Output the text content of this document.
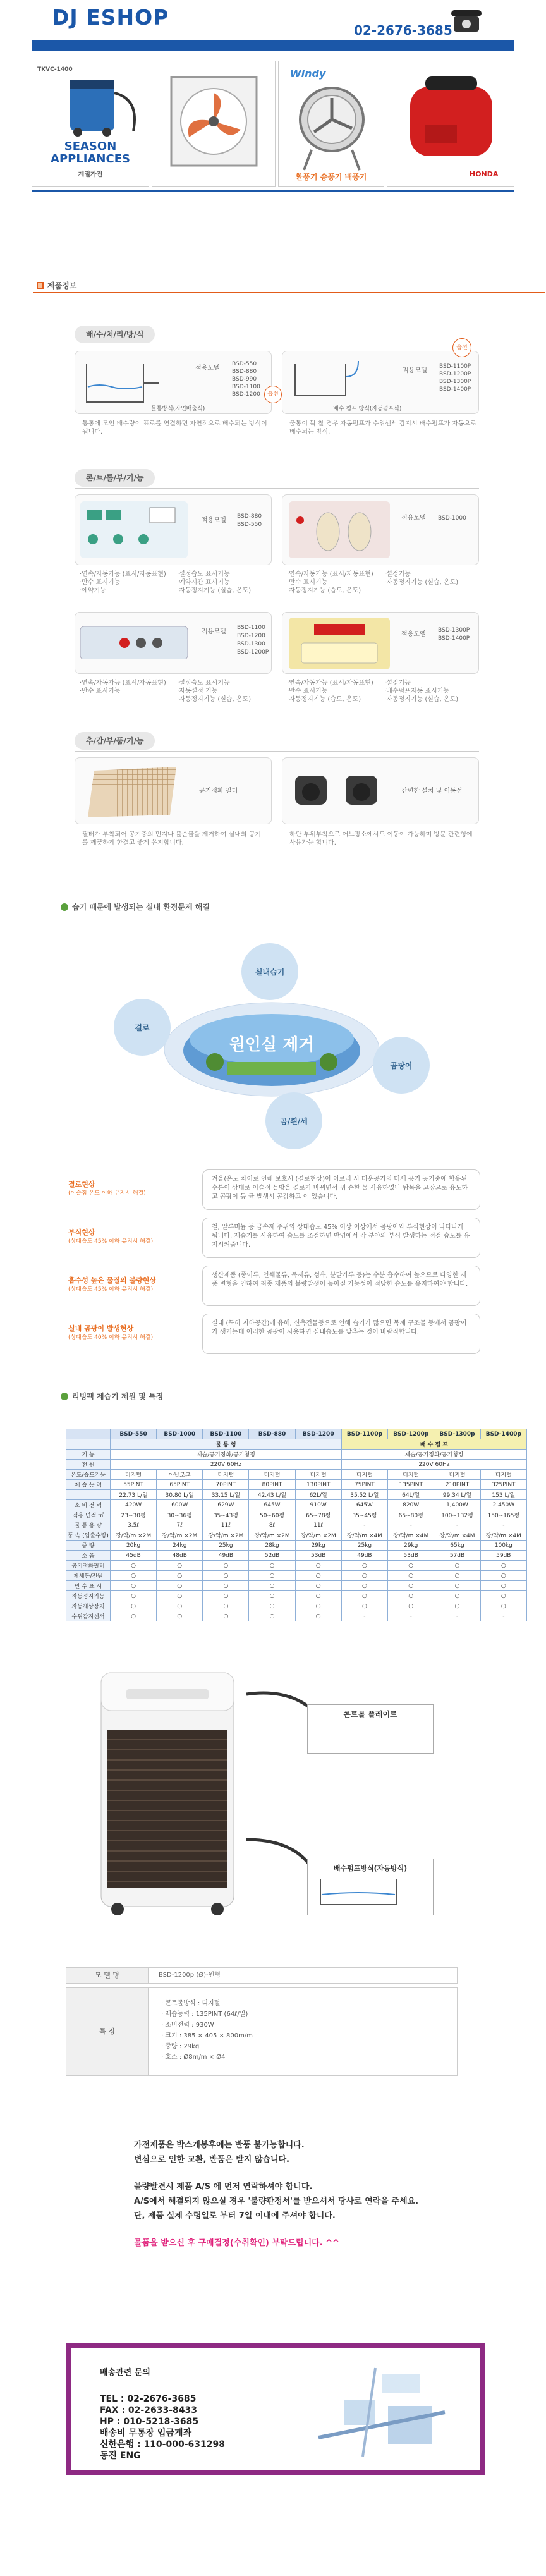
DJ ESHOP
02-2676-3685
TKVC-1400
SEASON
APPLIANCES
계절가전
Windy
환풍기 송풍기 배풍기	HONDA
제품정보
배/수/처/리/방/식
물통방식(자연배출식)
적용모델
BSD-550
BSD-880
BSD-990
BSD-1100
BSD-1200	옵션
통통에 모인 배수량이 표로를 연결하면 자연적으로 배수되는 방식이 됩니다.
배수 펌프 방식(자동펌프식)
적용모델
BSD-1100P
BSD-1200P
BSD-1300P
BSD-1400P
옵션
물통이 꽉 찰 경우 자동펌프가 수위센서 감지시 배수펌프가 자동으로 배수되는 방식.
콘/트/롤/부/기/능
적용모델
BSD-880
BSD-550
·연속/자동가능 (표시/자동표현)
·만수 표시기능
·예약기능
·설정습도 표시기능
·예약시간 표시기능
·자동정지기능 (실습, 온도)
적용모델 BSD-1000
·연속/자동가능 (표시/자동표현)
·만수 표시기능
·자동정지기능 (습도, 온도)
·설정기능
·자동정지기능 (실습, 온도)
적용모델
BSD-1100
BSD-1200
BSD-1300
BSD-1200P
·연속/자동가능 (표시/자동표현)
·만수 표시기능
·설정습도 표시기능
·자동설정 기능
·자동정지기능 (실습, 온도)
적용모델
BSD-1300P
BSD-1400P
·연속/자동가능 (표시/자동표현)
·만수 표시기능
·자동정지기능 (습도, 온도)
·설정기능
·배수펌프자동 표시기능
·자동정지기능 (실습, 온도)
추/감/부/품/기/능
공기정화 필터
필터가 부착되어 공기중의 먼지나 불순물을 제거하여 실내의 공기를 깨끗하게 한결고 좋게 유지합니다.
간편한 설치 및 이동성
하단 부위부착으로 어느장소에서도 이동이 가능하며 방문 관련형에 사용가능 합니다.
습기 때문에 발생되는 실내 환경문제 해결
원인실 제거
실내습기
결로
곰팡이
곰/흰/세
결로현상
(이슬점 온도 이하 유지시 해결)
겨울(온도 차이로 인해 보호시 (결로현상)이 이르러 시 더운공기의 미세 공기 공기중에 함유된 수분이 상태로 이슬점 물방울 결로가 바뀌면서 위 순한 물 사용하였나 탐목을 고장으로 유도하고 곰팡이 등 균 발생시 공감하고 이 있습니다.
부식현상
(상대습도 45% 이하 유지시 해결)
철, 알루미늄 등 금속재 주위의 상대습도 45% 이상 이상에서 곰팡이와 부식현상이 나타나게 됩니다. 제습기를 사용하여 습도를 조절하면 반영에서 각 분야의 부식 발생하는 적절 습도를 유지시켜줍니다.
흡수성 높은 물질의 불량현상
(상대습도 45% 이하 유지시 해결)
생산제품 (종이류, 인쇄물류, 목재류, 섬유, 분말가루 등)는 수분 흡수하여 높으므로 다양한 제품 변형을 인하여 최종 제품의 불량발생이 높아질 가능성이 적당한 습도를 유지하여야 합니다.
실내 곰팡이 발생현상
(상대습도 40% 이하 유지시 해결)
실내 (특히 지하공간)에 유해, 신축건물등으로 인해 습기가 많으면 목재 구조물 등에서 곰팡이가 생기는데 이러한 곰팡이 사용하면 실내습도를 낮추는 것이 바람직합니다.
리빙팩 제습기 제원 및 특징
	BSD-550	BSD-1000	BSD-1100	BSD-880	BSD-1200	BSD-1100p	BSD-1200p	BSD-1300p	BSD-1400p
	물 통 형					배 수 펌 프			
기 능	제습/공기정화/공기청정					제습/공기정화/공기청정			
전 원	220V 60Hz					220V 60Hz			
온도/습도기능	디지털	아날로그	디지털	디지털	디지털	디지털	디지털	디지털	디지털
제 습 능 력	55PINT	65PINT	70PINT	80PINT	130PINT	75PINT	135PINT	210PINT	325PINT
	22.73 L/일	30.80 L/일	33.15 L/일	42.43 L/일	62L/일	35.52 L/일	64L/일	99.34 L/일	153 L/일
소 비 전 력	420W	600W	629W	645W	910W	645W	820W	1,400W	2,450W
적용 면적 ㎡	23~30평	30~36평	35~43평	50~60평	65~78평	35~45평	65~80평	100~132평	150~165평
물 통 용 량	3.5ℓ	7ℓ	11ℓ	8ℓ	11ℓ	-	-	-	-
풍 속 (입출수량)	강/약/m ×2M	강/약/m ×2M	강/약/m ×2M	강/약/m ×2M	강/약/m ×2M	강/약/m ×4M	강/약/m ×4M	강/약/m ×4M	강/약/m ×4M
중 량	20kg	24kg	25kg	28kg	29kg	25kg	29kg	65kg	100kg
소 음	45dB	48dB	49dB	52dB	53dB	49dB	53dB	57dB	59dB
공기정화필터	○	○	○	○	○	○	○	○	○
제세동/전원	○	○	○	○	○	○	○	○	○
만 수 표 시	○	○	○	○	○	○	○	○	○
자동정지기능	○	○	○	○	○	○	○	○	○
자동제상장치	○	○	○	○	○	○	○	○	○
수위감지센서	○	○	○	○	○	-	-	-	-
콘트롤 플레이트
배수펌프방식(자동방식)
모 델 명	BSD-1200p (Ø)-원형
특 징
· 콘트롤방식 : 디지털
· 제습능력 : 135PINT (64ℓ/일)
· 소비전력 : 930W
· 크기 : 385 × 405 × 800m/m
· 중량 : 29kg
· 호스 : Ø8m/m × Ø4
가전제품은 박스개봉후에는 반품 불가능합니다.
변심으로 인한 교환, 반품은 받지 않습니다.
불량발견시 제품 A/S 에 먼저 연락하셔야 합니다.
A/S에서 해결되지 않으실 경우 '불량판정서'를 받으셔서 당사로 연락을 주세요.
단, 제품 실제 수령일로 부터 7일 이내에 주셔야 합니다.
물품을 받으신 후 구매결정(수취확인) 부탁드립니다. ^^
배송관련 문의
TEL : 02-2676-3685
FAX : 02-2633-8433
HP : 010-5218-3685
배송비 무통장 입금계좌
신한은행 : 110-000-631298
동진 ENG
